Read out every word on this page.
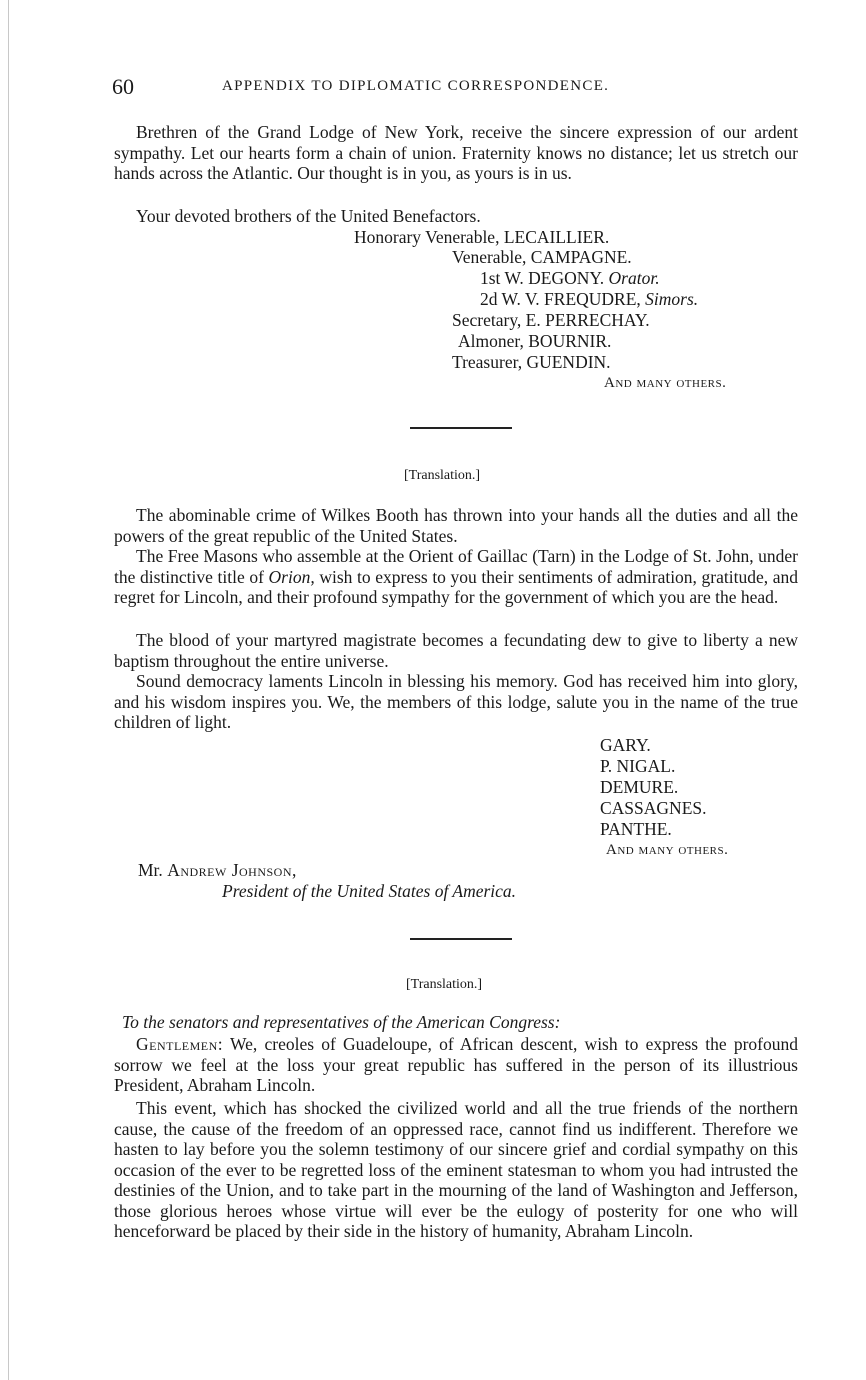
60	APPENDIX TO DIPLOMATIC CORRESPONDENCE.

Brethren of the Grand Lodge of New York, receive the sincere expression of our ardent sympathy. Let our hearts form a chain of union. Fraternity knows no distance; let us stretch our hands across the Atlantic. Our thought is in you, as yours is in us.

Your devoted brothers of the United Benefactors.
Honorary Venerable, LECAILLIER.
Venerable, CAMPAGNE.
1st W. DEGONY. Orator.
2d W. V. FREQUDRE, Simors.
Secretary, E. PERRECHAY.
Almoner, BOURNIR.
Treasurer, GUENDIN.
And many others.
[Translation.]

The abominable crime of Wilkes Booth has thrown into your hands all the duties and all the powers of the great republic of the United States.

The Free Masons who assemble at the Orient of Gaillac (Tarn) in the Lodge of St. John, under the distinctive title of Orion, wish to express to you their sentiments of admiration, gratitude, and regret for Lincoln, and their profound sympathy for the government of which you are the head.

The blood of your martyred magistrate becomes a fecundating dew to give to liberty a new baptism throughout the entire universe.

Sound democracy laments Lincoln in blessing his memory. God has received him into glory, and his wisdom inspires you. We, the members of this lodge, salute you in the name of the true children of light.

GARY.
P. NIGAL.
DEMURE.
CASSAGNES.
PANTHE.
And many others.
Mr. Andrew Johnson,
President of the United States of America.
[Translation.]
To the senators and representatives of the American Congress:

Gentlemen: We, creoles of Guadeloupe, of African descent, wish to express the profound sorrow we feel at the loss your great republic has suffered in the person of its illustrious President, Abraham Lincoln.

This event, which has shocked the civilized world and all the true friends of the northern cause, the cause of the freedom of an oppressed race, cannot find us indifferent. Therefore we hasten to lay before you the solemn testimony of our sincere grief and cordial sympathy on this occasion of the ever to be regretted loss of the eminent statesman to whom you had intrusted the destinies of the Union, and to take part in the mourning of the land of Washington and Jefferson, those glorious heroes whose virtue will ever be the eulogy of posterity for one who will henceforward be placed by their side in the history of humanity, Abraham Lincoln.
